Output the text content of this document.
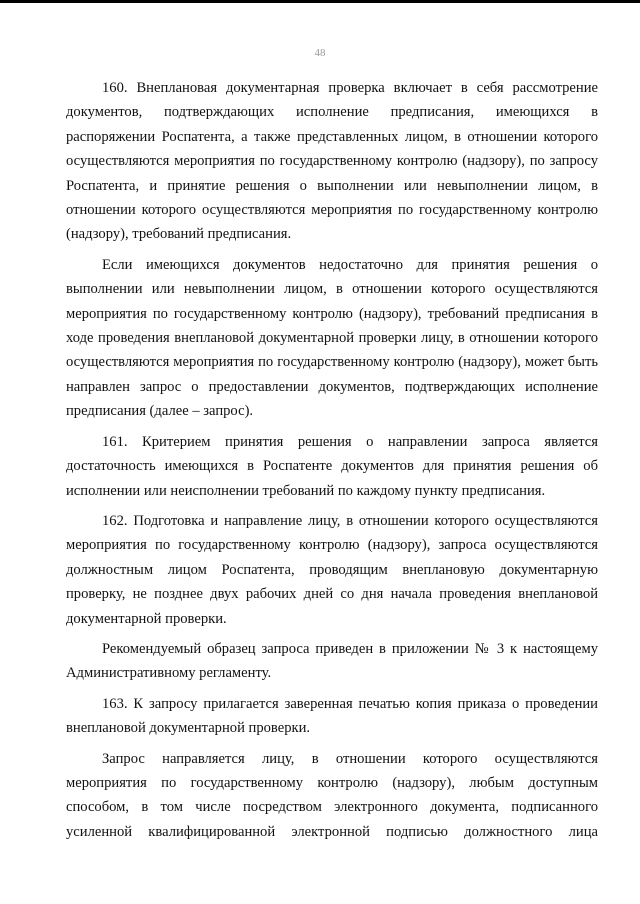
48

160. Внеплановая документарная проверка включает в себя рассмотрение документов, подтверждающих исполнение предписания, имеющихся в распоряжении Роспатента, а также представленных лицом, в отношении которого осуществляются мероприятия по государственному контролю (надзору), по запросу Роспатента, и принятие решения о выполнении или невыполнении лицом, в отношении которого осуществляются мероприятия по государственному контролю (надзору), требований предписания.

Если имеющихся документов недостаточно для принятия решения о выполнении или невыполнении лицом, в отношении которого осуществляются мероприятия по государственному контролю (надзору), требований предписания в ходе проведения внеплановой документарной проверки лицу, в отношении которого осуществляются мероприятия по государственному контролю (надзору), может быть направлен запрос о предоставлении документов, подтверждающих исполнение предписания (далее – запрос).

161. Критерием принятия решения о направлении запроса является достаточность имеющихся в Роспатенте документов для принятия решения об исполнении или неисполнении требований по каждому пункту предписания.

162. Подготовка и направление лицу, в отношении которого осуществляются мероприятия по государственному контролю (надзору), запроса осуществляются должностным лицом Роспатента, проводящим внеплановую документарную проверку, не позднее двух рабочих дней со дня начала проведения внеплановой документарной проверки.

Рекомендуемый образец запроса приведен в приложении № 3 к настоящему Административному регламенту.

163. К запросу прилагается заверенная печатью копия приказа о проведении внеплановой документарной проверки.

Запрос направляется лицу, в отношении которого осуществляются мероприятия по государственному контролю (надзору), любым доступным способом, в том числе посредством электронного документа, подписанного усиленной квалифицированной электронной подписью должностного лица
